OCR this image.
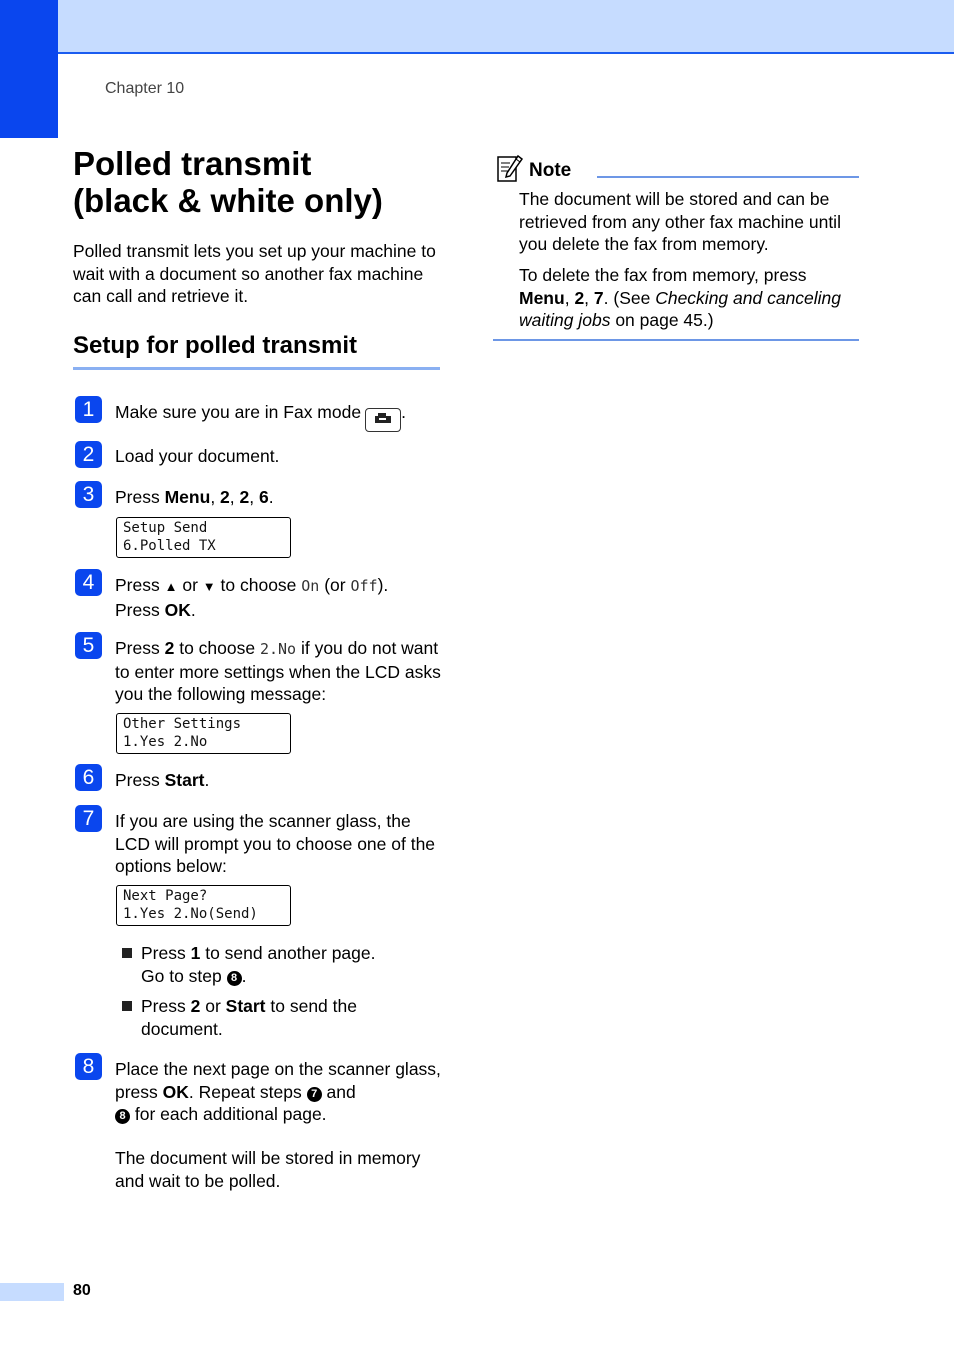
Chapter 10
Polled transmit
(black & white only)
Polled transmit lets you set up your machine to wait with a document so another fax machine can call and retrieve it.
Setup for polled transmit
1	Make sure you are in Fax mode .
2	Load your document.
3	Press Menu, 2, 2, 6.
Setup Send
6.Polled TX
4	Press ▲ or ▼ to choose On (or Off).
Press OK.
5	Press 2 to choose 2.No if you do not want to enter more settings when the LCD asks you the following message:
Other Settings
1.Yes 2.No
6	Press Start.
7	If you are using the scanner glass, the LCD will prompt you to choose one of the options below:
Next Page?
1.Yes 2.No(Send)
Press 1 to send another page.
Go to step 8 .
Press 2 or Start to send the document.
8	Place the next page on the scanner glass, press OK. Repeat steps 7 and
8 for each additional page.
The document will be stored in memory and wait to be polled.
Note
The document will be stored and can be retrieved from any other fax machine until you delete the fax from memory.
To delete the fax from memory, press Menu, 2, 7. (See Checking and canceling waiting jobs on page 45.)
80
